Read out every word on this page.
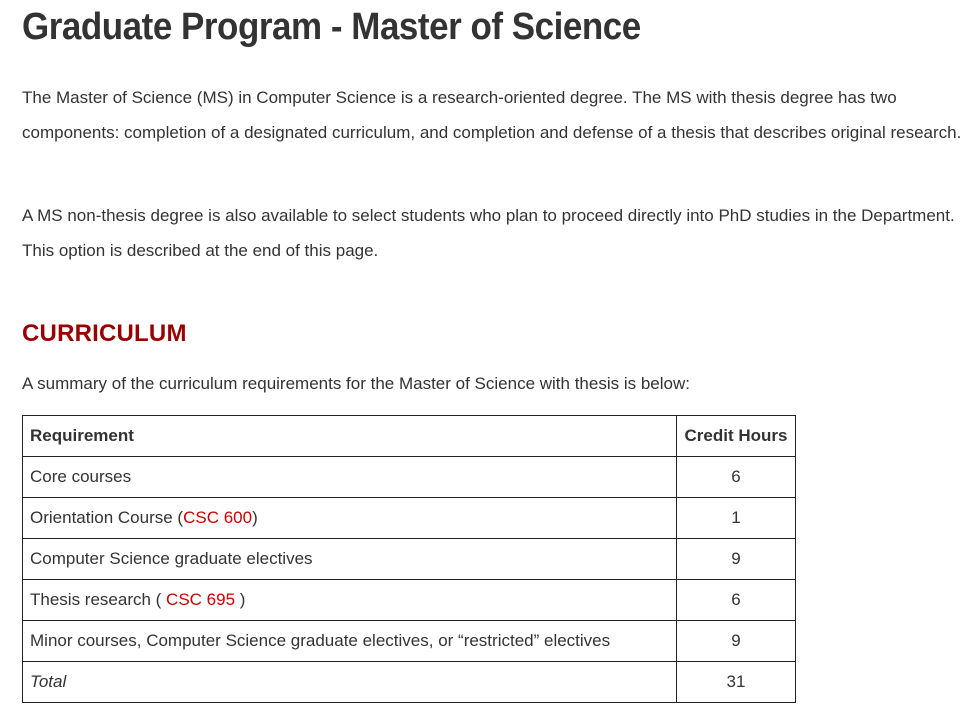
Graduate Program - Master of Science

The Master of Science (MS) in Computer Science is a research-oriented degree. The MS with thesis degree has two components: completion of a designated curriculum, and completion and defense of a thesis that describes original research.

A MS non-thesis degree is also available to select students who plan to proceed directly into PhD studies in the Department. This option is described at the end of this page.

CURRICULUM

A summary of the curriculum requirements for the Master of Science with thesis is below:

Requirement	Credit Hours
Core courses	6
Orientation Course (CSC 600)	1
Computer Science graduate electives	9
Thesis research ( CSC 695 )	6
Minor courses, Computer Science graduate electives, or “restricted” electives	9
Total	31
